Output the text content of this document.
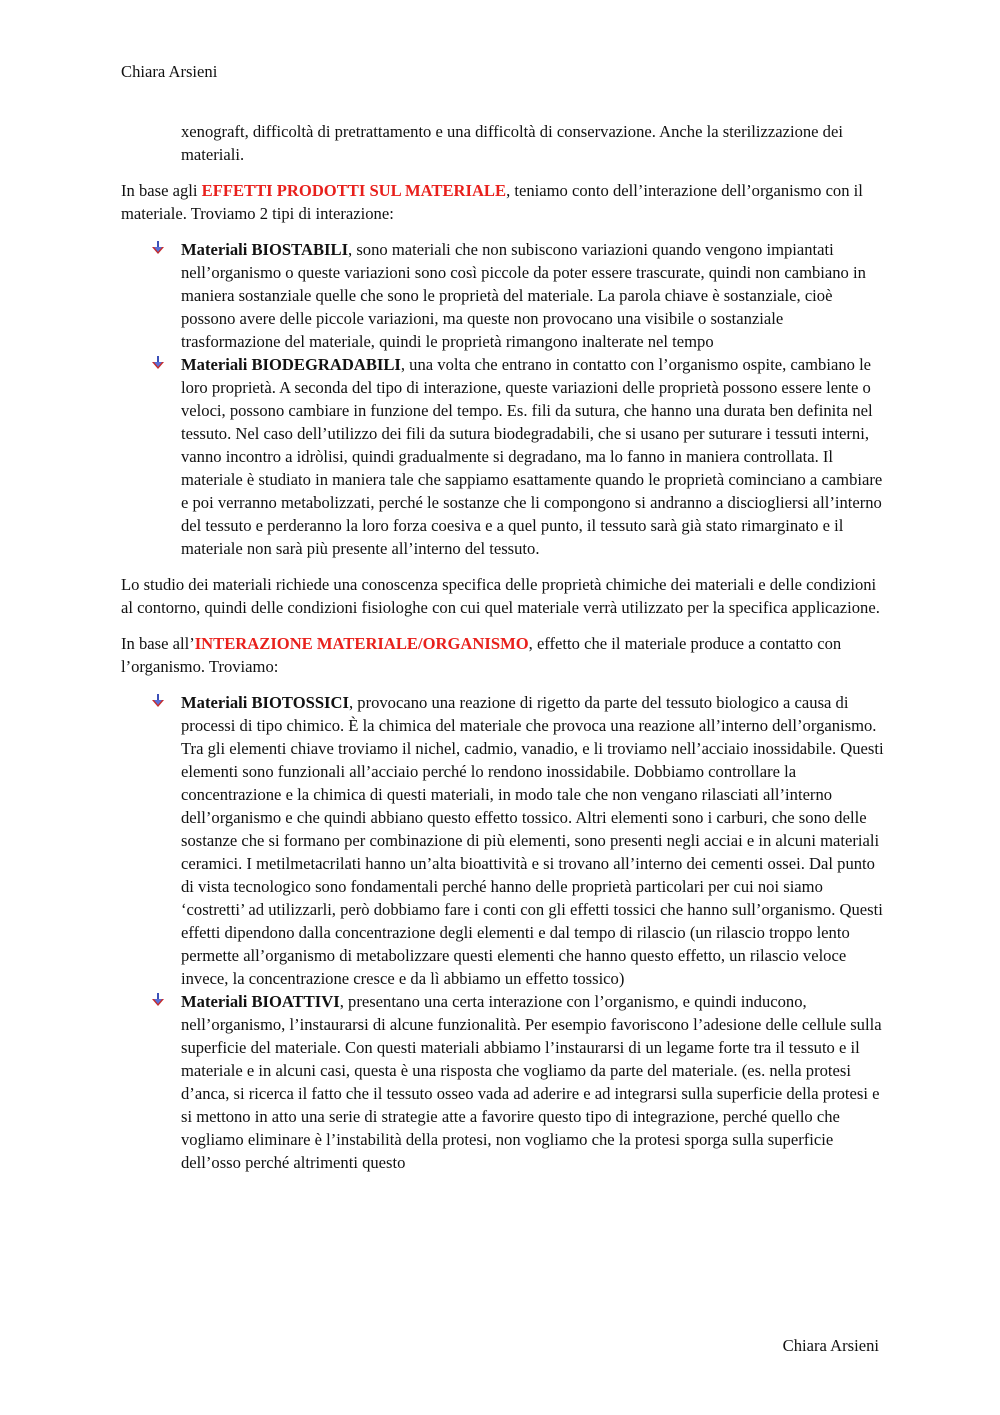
Chiara Arsieni

xenograft, difficoltà di pretrattamento e una difficoltà di conservazione. Anche la sterilizzazione dei materiali.

In base agli EFFETTI PRODOTTI SUL MATERIALE, teniamo conto dell’interazione dell’organismo con il materiale. Troviamo 2 tipi di interazione:

Materiali BIOSTABILI, sono materiali che non subiscono variazioni quando vengono impiantati nell’organismo o queste variazioni sono così piccole da poter essere trascurate, quindi non cambiano in maniera sostanziale quelle che sono le proprietà del materiale. La parola chiave è sostanziale, cioè possono avere delle piccole variazioni, ma queste non provocano una visibile o sostanziale trasformazione del materiale, quindi le proprietà rimangono inalterate nel tempo
Materiali BIODEGRADABILI, una volta che entrano in contatto con l’organismo ospite, cambiano le loro proprietà. A seconda del tipo di interazione, queste variazioni delle proprietà possono essere lente o veloci, possono cambiare in funzione del tempo. Es. fili da sutura, che hanno una durata ben definita nel tessuto. Nel caso dell’utilizzo dei fili da sutura biodegradabili, che si usano per suturare i tessuti interni, vanno incontro a idròlisi, quindi gradualmente si degradano, ma lo fanno in maniera controllata. Il materiale è studiato in maniera tale che sappiamo esattamente quando le proprietà cominciano a cambiare e poi verranno metabolizzati, perché le sostanze che li compongono si andranno a disciogliersi all’interno del tessuto e perderanno la loro forza coesiva e a quel punto, il tessuto sarà già stato rimarginato e il materiale non sarà più presente all’interno del tessuto.

Lo studio dei materiali richiede una conoscenza specifica delle proprietà chimiche dei materiali e delle condizioni al contorno, quindi delle condizioni fisiologhe con cui quel materiale verrà utilizzato per la specifica applicazione.

In base all’INTERAZIONE MATERIALE/ORGANISMO, effetto che il materiale produce a contatto con l’organismo. Troviamo:

Materiali BIOTOSSICI, provocano una reazione di rigetto da parte del tessuto biologico a causa di processi di tipo chimico. È la chimica del materiale che provoca una reazione all’interno dell’organismo.
Tra gli elementi chiave troviamo il nichel, cadmio, vanadio, e li troviamo nell’acciaio inossidabile. Questi elementi sono funzionali all’acciaio perché lo rendono inossidabile. Dobbiamo controllare la concentrazione e la chimica di questi materiali, in modo tale che non vengano rilasciati all’interno dell’organismo e che quindi abbiano questo effetto tossico. Altri elementi sono i carburi, che sono delle sostanze che si formano per combinazione di più elementi, sono presenti negli acciai e in alcuni materiali ceramici. I metilmetacrilati hanno un’alta bioattività e si trovano all’interno dei cementi ossei. Dal punto di vista tecnologico sono fondamentali perché hanno delle proprietà particolari per cui noi siamo ‘costretti’ ad utilizzarli, però dobbiamo fare i conti con gli effetti tossici che hanno sull’organismo. Questi effetti dipendono dalla concentrazione degli elementi e dal tempo di rilascio (un rilascio troppo lento permette all’organismo di metabolizzare questi elementi che hanno questo effetto, un rilascio veloce invece, la concentrazione cresce e da lì abbiamo un effetto tossico)
Materiali BIOATTIVI, presentano una certa interazione con l’organismo, e quindi inducono, nell’organismo, l’instaurarsi di alcune funzionalità. Per esempio favoriscono l’adesione delle cellule sulla superficie del materiale. Con questi materiali abbiamo l’instaurarsi di un legame forte tra il tessuto e il materiale e in alcuni casi, questa è una risposta che vogliamo da parte del materiale. (es. nella protesi d’anca, si ricerca il fatto che il tessuto osseo vada ad aderire e ad integrarsi sulla superficie della protesi e si mettono in atto una serie di strategie atte a favorire questo tipo di integrazione, perché quello che vogliamo eliminare è l’instabilità della protesi, non vogliamo che la protesi sporga sulla superficie dell’osso perché altrimenti questo
Chiara Arsieni
